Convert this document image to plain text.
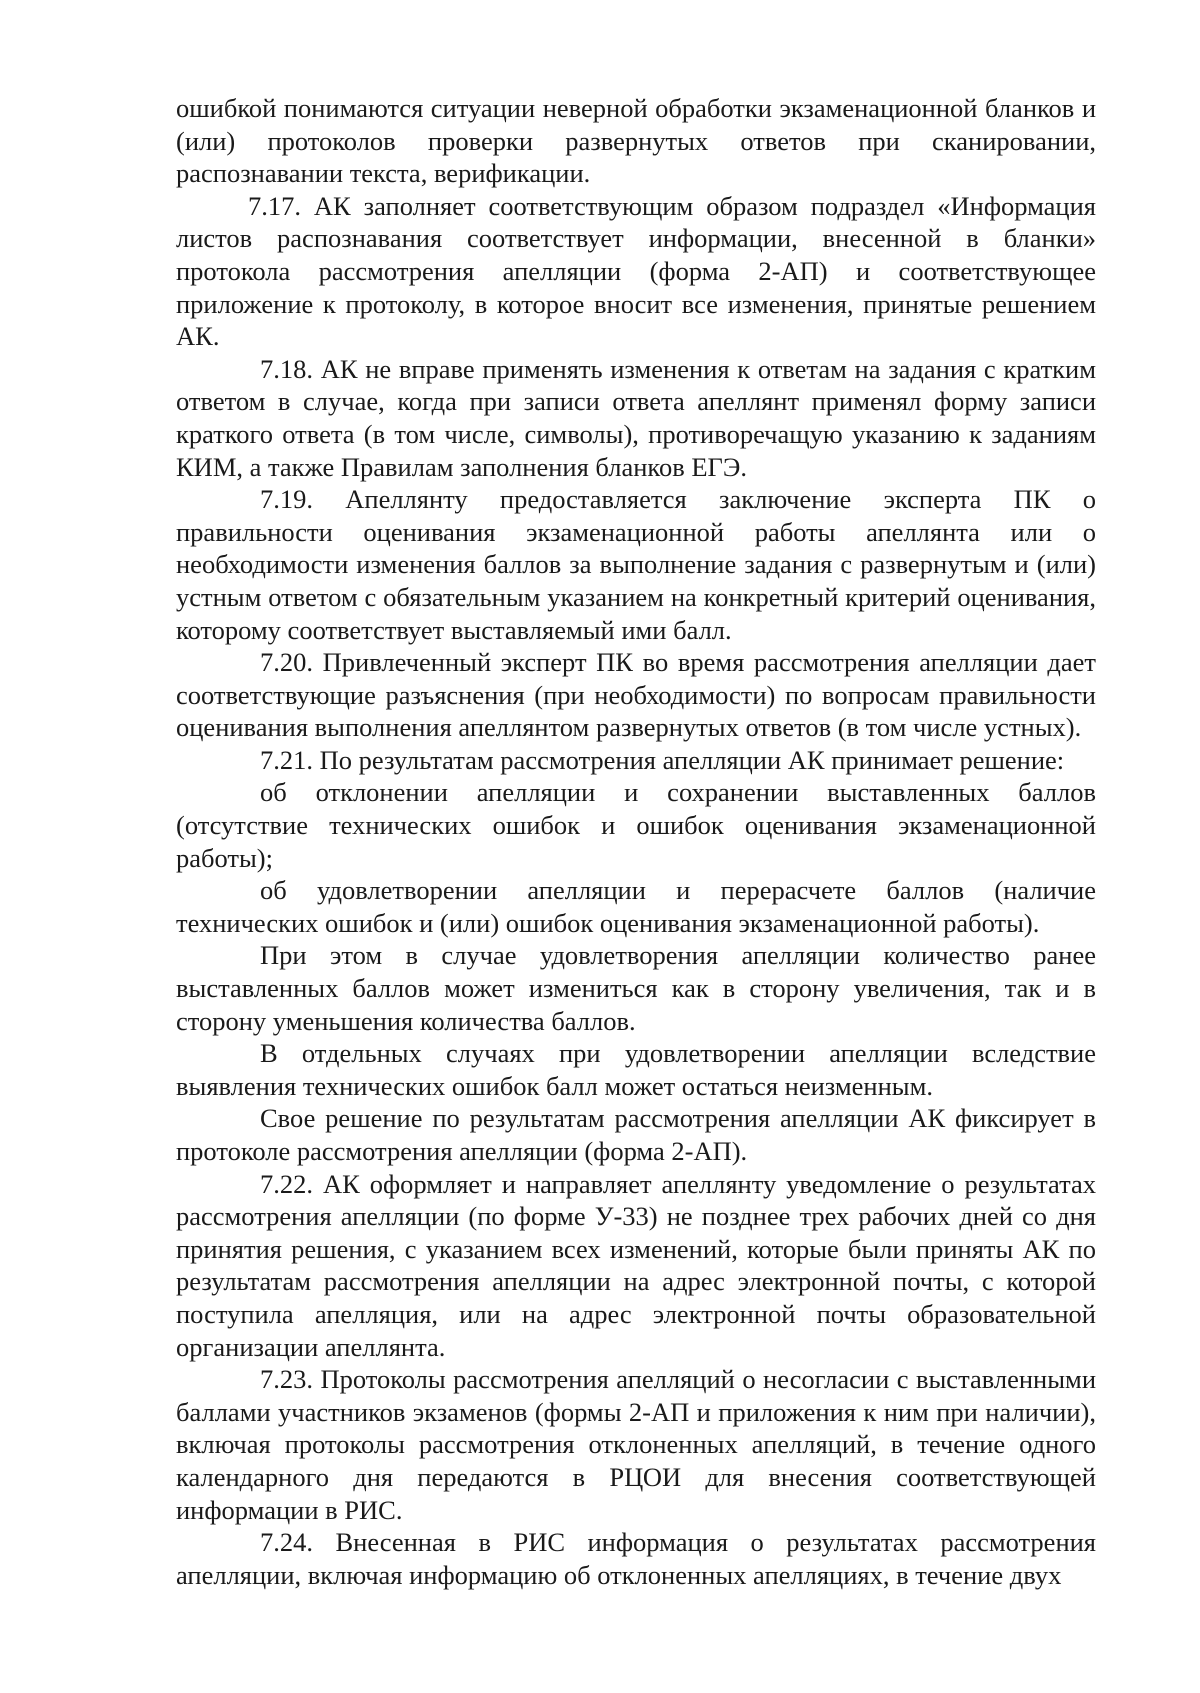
ошибкой понимаются ситуации неверной обработки экзаменационной бланков и (или) протоколов проверки развернутых ответов при сканировании, распознавании текста, верификации.

7.17. АК заполняет соответствующим образом подраздел «Информация листов распознавания соответствует информации, внесенной в бланки» протокола рассмотрения апелляции (форма 2-АП) и соответствующее приложение к протоколу, в которое вносит все изменения, принятые решением АК.

7.18. АК не вправе применять изменения к ответам на задания с кратким ответом в случае, когда при записи ответа апеллянт применял форму записи краткого ответа (в том числе, символы), противоречащую указанию к заданиям КИМ, а также Правилам заполнения бланков ЕГЭ.

7.19. Апеллянту предоставляется заключение эксперта ПК о правильности оценивания экзаменационной работы апеллянта или о необходимости изменения баллов за выполнение задания с развернутым и (или) устным ответом с обязательным указанием на конкретный критерий оценивания, которому соответствует выставляемый ими балл.

7.20. Привлеченный эксперт ПК во время рассмотрения апелляции дает соответствующие разъяснения (при необходимости) по вопросам правильности оценивания выполнения апеллянтом развернутых ответов (в том числе устных).

7.21. По результатам рассмотрения апелляции АК принимает решение:

об отклонении апелляции и сохранении выставленных баллов (отсутствие технических ошибок и ошибок оценивания экзаменационной работы);

об удовлетворении апелляции и перерасчете баллов (наличие технических ошибок и (или) ошибок оценивания экзаменационной работы).

При этом в случае удовлетворения апелляции количество ранее выставленных баллов может измениться как в сторону увеличения, так и в сторону уменьшения количества баллов.

В отдельных случаях при удовлетворении апелляции вследствие выявления технических ошибок балл может остаться неизменным.

Свое решение по результатам рассмотрения апелляции АК фиксирует в протоколе рассмотрения апелляции (форма 2-АП).

7.22. АК оформляет и направляет апеллянту уведомление о результатах рассмотрения апелляции (по форме У-33) не позднее трех рабочих дней со дня принятия решения, с указанием всех изменений, которые были приняты АК по результатам рассмотрения апелляции на адрес электронной почты, с которой поступила апелляция, или на адрес электронной почты образовательной организации апеллянта.

7.23. Протоколы рассмотрения апелляций о несогласии с выставленными баллами участников экзаменов (формы 2-АП и приложения к ним при наличии), включая протоколы рассмотрения отклоненных апелляций, в течение одного календарного дня передаются в РЦОИ для внесения соответствующей информации в РИС.

7.24. Внесенная в РИС информация о результатах рассмотрения апелляции, включая информацию об отклоненных апелляциях, в течение двух
